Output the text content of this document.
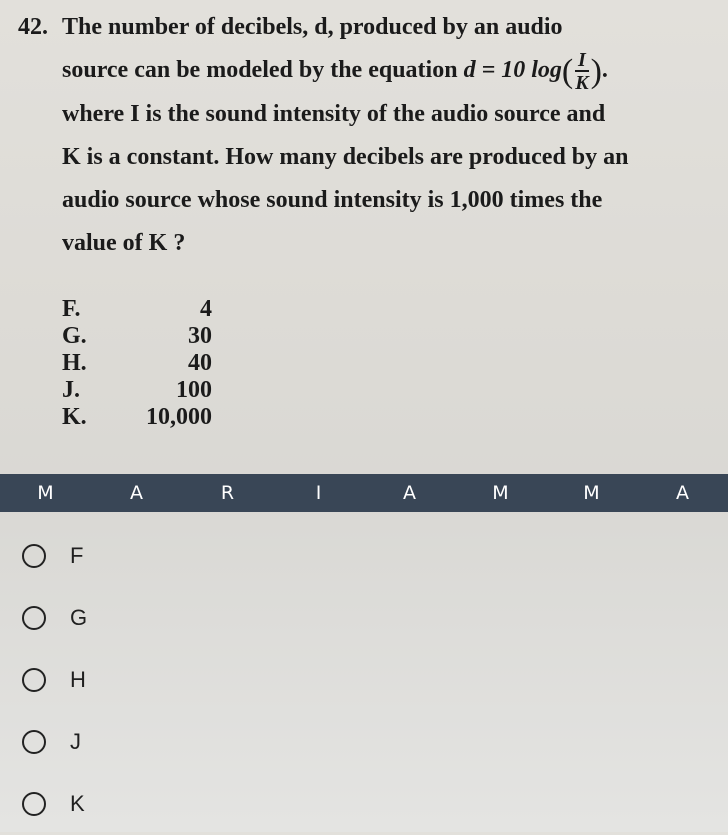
42. The number of decibels, d, produced by an audio
source can be modeled by the equation d = 10 $\log( \frac{I}{K}$ ).
where I is the sound intensity of the audio source and
K is a constant. How many decibels are produced by an
audio source whose sound intensity is 1,000 times the
value of K ?
F.	4
G.	30
H.	40
J.	100
K.	10,000
M	A	R	I	A	M	M	A
F
G
H
J
K
